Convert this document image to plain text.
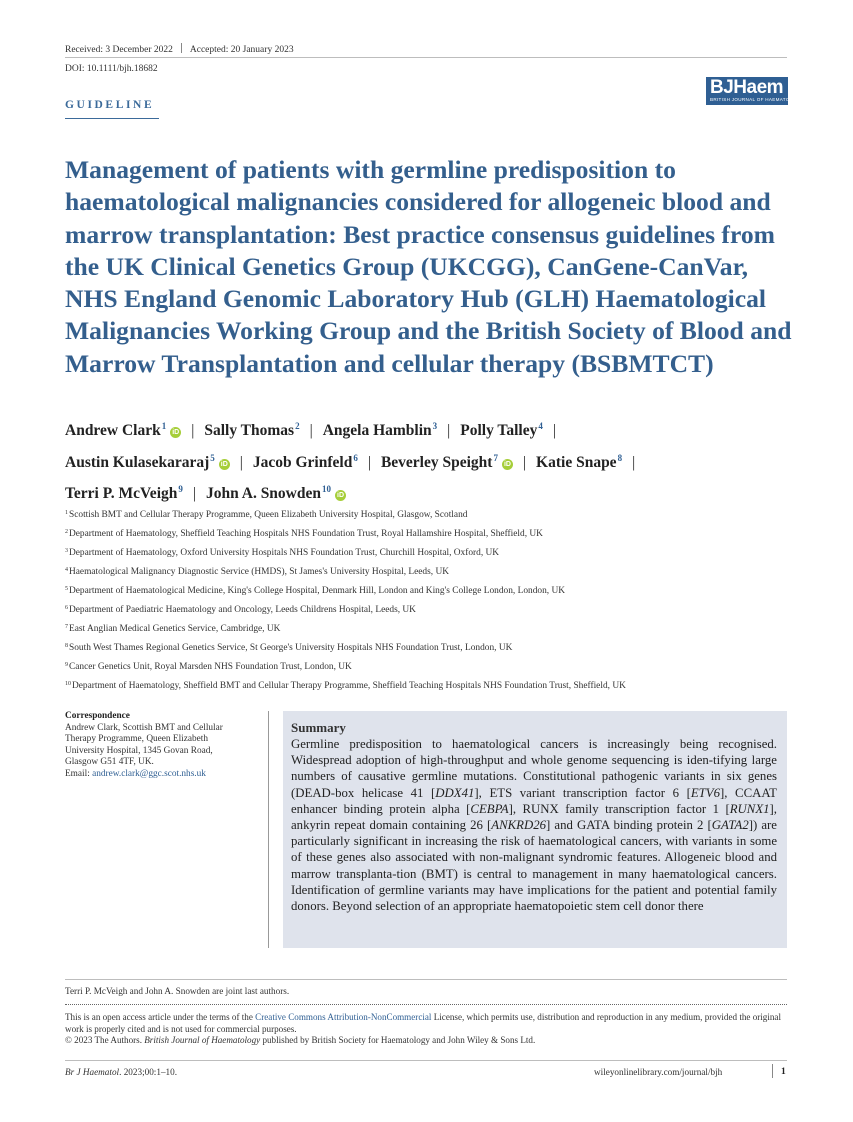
Received: 3 December 2022 Accepted: 20 January 2023
DOI: 10.1111/bjh.18682
BJHaem
BRITISH JOURNAL OF HAEMATOLOGY
GUIDELINE
Management of patients with germline predisposition to haematological malignancies considered for allogeneic blood and marrow transplantation: Best practice consensus guidelines from the UK Clinical Genetics Group (UKCGG), CanGene-CanVar, NHS England Genomic Laboratory Hub (GLH) Haematological Malignancies Working Group and the British Society of Blood and Marrow Transplantation and cellular therapy (BSBMTCT)
Andrew Clark$^1$iD | Sally Thomas$^2$ | Angela Hamblin$^3$ | Polly Talley$^4$ |
Austin Kulasekararaj$^5$iD | Jacob Grinfeld$^6$ | Beverley Speight$^7$iD | Katie Snape$^8$ |
Terri P. McVeigh$^9$ | John A. Snowden$^{10}$iD
$^1$Scottish BMT and Cellular Therapy Programme, Queen Elizabeth University Hospital, Glasgow, Scotland
$^2$Department of Haematology, Sheffield Teaching Hospitals NHS Foundation Trust, Royal Hallamshire Hospital, Sheffield, UK
$^3$Department of Haematology, Oxford University Hospitals NHS Foundation Trust, Churchill Hospital, Oxford, UK
$^4$Haematological Malignancy Diagnostic Service (HMDS), St James's University Hospital, Leeds, UK
$^5$Department of Haematological Medicine, King's College Hospital, Denmark Hill, London and King's College London, London, UK
$^6$Department of Paediatric Haematology and Oncology, Leeds Childrens Hospital, Leeds, UK
$^7$East Anglian Medical Genetics Service, Cambridge, UK
$^8$South West Thames Regional Genetics Service, St George's University Hospitals NHS Foundation Trust, London, UK
$^9$Cancer Genetics Unit, Royal Marsden NHS Foundation Trust, London, UK
$^{10}$Department of Haematology, Sheffield BMT and Cellular Therapy Programme, Sheffield Teaching Hospitals NHS Foundation Trust, Sheffield, UK
Correspondence
Andrew Clark, Scottish BMT and Cellular
Therapy Programme, Queen Elizabeth
University Hospital, 1345 Govan Road,
Glasgow G51 4TF, UK.
Email: andrew.clark@ggc.scot.nhs.uk
Summary
Germline predisposition to haematological cancers is increasingly being recognised. Widespread adoption of high-throughput and whole genome sequencing is iden-tifying large numbers of causative germline mutations. Constitutional pathogenic variants in six genes (DEAD-box helicase 41 [DDX41], ETS variant transcription factor 6 [ETV6], CCAAT enhancer binding protein alpha [CEBPA], RUNX family transcription factor 1 [RUNX1], ankyrin repeat domain containing 26 [ANKRD26] and GATA binding protein 2 [GATA2]) are particularly significant in increasing the risk of haematological cancers, with variants in some of these genes also associated with non-malignant syndromic features. Allogeneic blood and marrow transplanta-tion (BMT) is central to management in many haematological cancers. Identification of germline variants may have implications for the patient and potential family donors. Beyond selection of an appropriate haematopoietic stem cell donor there
Terri P. McVeigh and John A. Snowden are joint last authors.
This is an open access article under the terms of the Creative Commons Attribution-NonCommercial License, which permits use, distribution and reproduction in any medium, provided the original work is properly cited and is not used for commercial purposes.
© 2023 The Authors. British Journal of Haematology published by British Society for Haematology and John Wiley & Sons Ltd.
Br J Haematol. 2023;00:1–10.	wileyonlinelibrary.com/journal/bjh	1
